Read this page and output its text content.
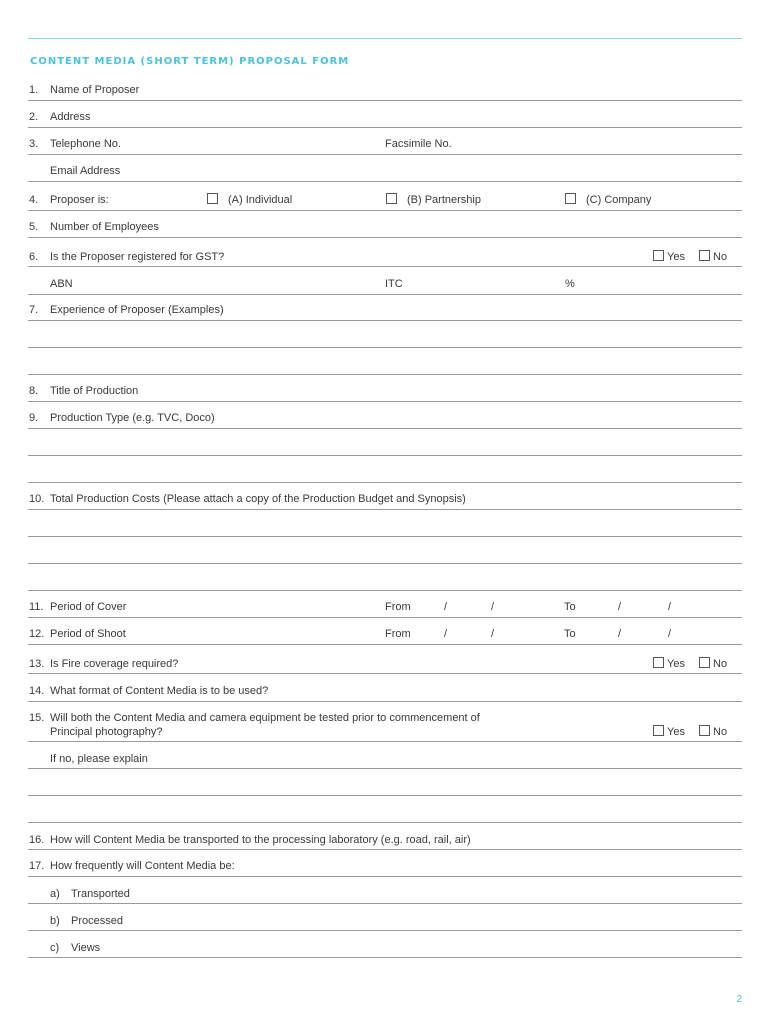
CONTENT MEDIA (SHORT TERM) PROPOSAL FORM
1. Name of Proposer
2. Address
3. Telephone No.	Facsimile No.
Email Address
4. Proposer is:	(A) Individual	(B) Partnership	(C) Company
5. Number of Employees
6. Is the Proposer registered for GST?	Yes	No
ABN	ITC	%
7. Experience of Proposer (Examples)
8. Title of Production
9. Production Type (e.g. TVC, Doco)
10. Total Production Costs (Please attach a copy of the Production Budget and Synopsis)
11. Period of Cover	From	/	/	To	/	/
12. Period of Shoot	From	/	/	To	/	/
13. Is Fire coverage required?	Yes	No
14. What format of Content Media is to be used?
15. Will both the Content Media and camera equipment be tested prior to commencement of
Principal photography?	Yes	No
If no, please explain
16. How will Content Media be transported to the processing laboratory (e.g. road, rail, air)
17. How frequently will Content Media be:
a) Transported
b) Processed
c) Views
2
